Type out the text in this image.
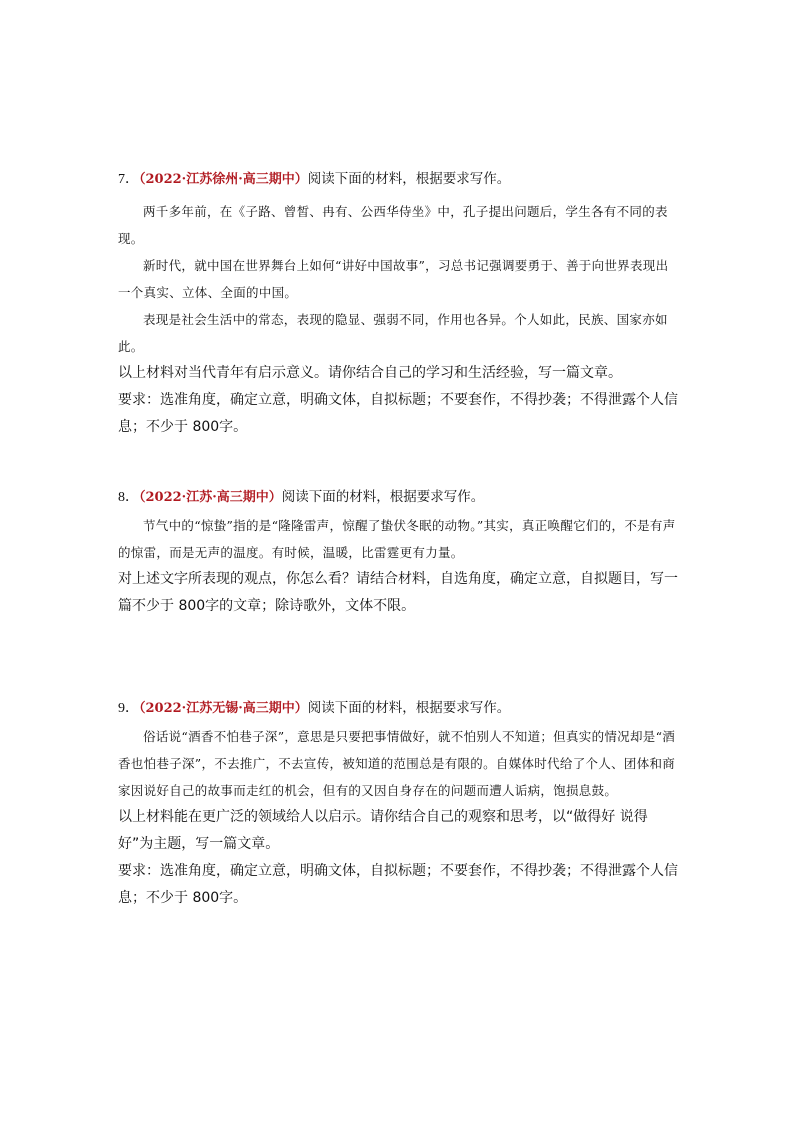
7．（2022·江苏徐州·高三期中）阅读下面的材料，根据要求写作。

两千多年前，在《子路、曾皙、冉有、公西华侍坐》中，孔子提出问题后，学生各有不同的表现。

新时代，就中国在世界舞台上如何“讲好中国故事”，习总书记强调要勇于、善于向世界表现出一个真实、立体、全面的中国。

表现是社会生活中的常态，表现的隐显、强弱不同，作用也各异。个人如此，民族、国家亦如此。

以上材料对当代青年有启示意义。请你结合自己的学习和生活经验，写一篇文章。

要求：选准角度，确定立意，明确文体，自拟标题；不要套作，不得抄袭；不得泄露个人信息；不少于 800字。

8．（2022·江苏·高三期中）阅读下面的材料，根据要求写作。

节气中的“惊蛰”指的是“隆隆雷声，惊醒了蛰伏冬眠的动物。”其实，真正唤醒它们的，不是有声的惊雷，而是无声的温度。有时候，温暖，比雷霆更有力量。

对上述文字所表现的观点，你怎么看？请结合材料，自选角度，确定立意，自拟题目，写一篇不少于 800字的文章；除诗歌外，文体不限。

9．（2022·江苏无锡·高三期中）阅读下面的材料，根据要求写作。

俗话说“酒香不怕巷子深”，意思是只要把事情做好，就不怕别人不知道；但真实的情况却是“酒香也怕巷子深”，不去推广，不去宣传，被知道的范围总是有限的。自媒体时代给了个人、团体和商家因说好自己的故事而走红的机会，但有的又因自身存在的问题而遭人诟病，饱损息鼓。

以上材料能在更广泛的领域给人以启示。请你结合自己的观察和思考，以“做得好 说得好”为主题，写一篇文章。

要求：选准角度，确定立意，明确文体，自拟标题；不要套作，不得抄袭；不得泄露个人信息；不少于 800字。
